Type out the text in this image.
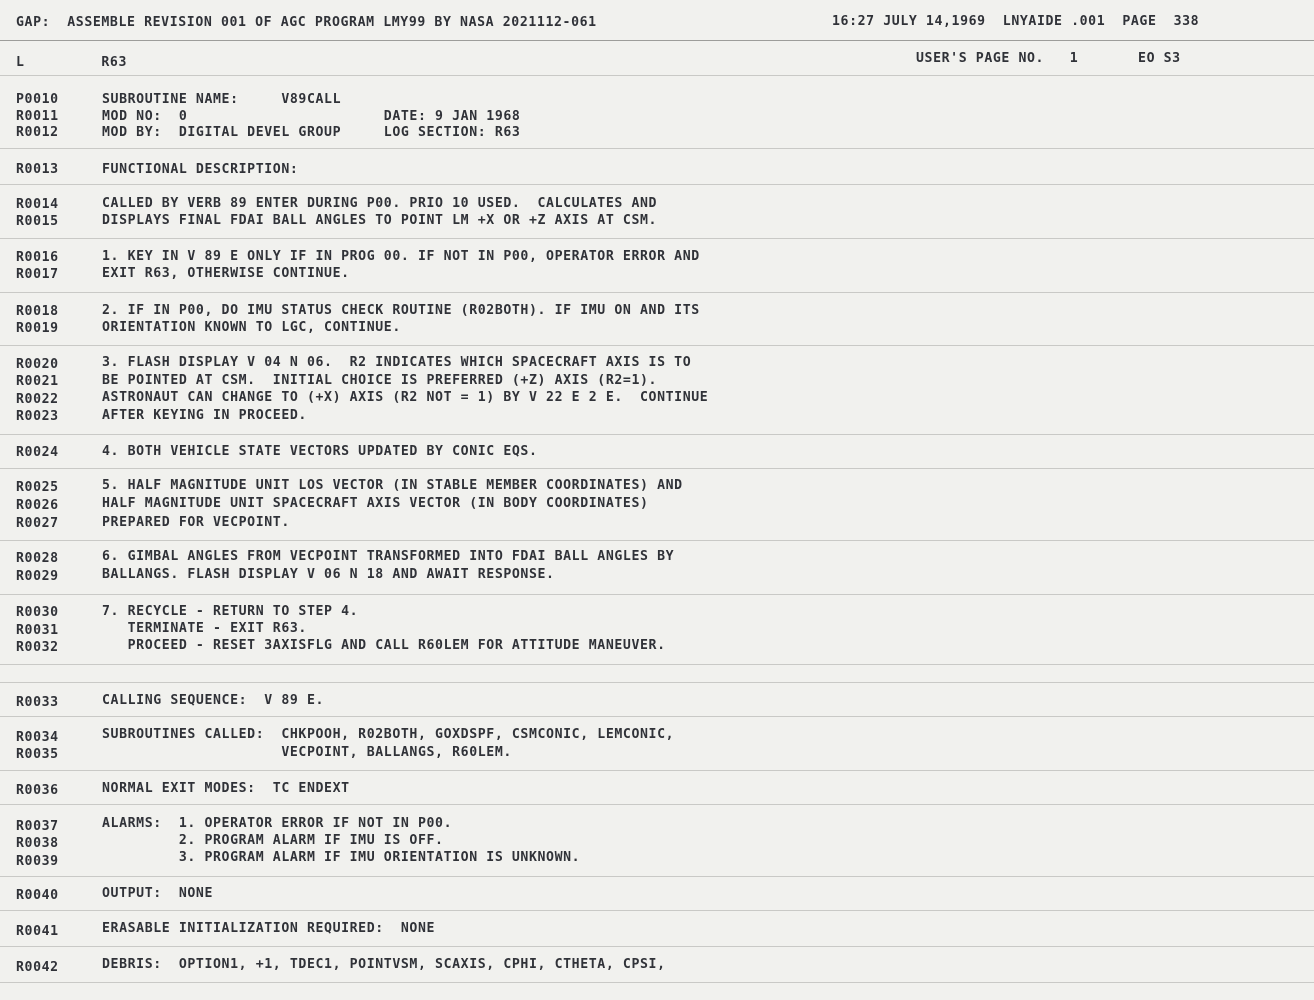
GAP:  ASSEMBLE REVISION 001 OF AGC PROGRAM LMY99 BY NASA 2021112-061	16:27 JULY 14,1969  LNYAIDE .001  PAGE  338
L         R63	USER'S PAGE NO.   1       EO S3
P0010	SUBROUTINE NAME:     V89CALL
R0011	MOD NO:  0                       DATE: 9 JAN 1968
R0012	MOD BY:  DIGITAL DEVEL GROUP     LOG SECTION: R63
R0013	FUNCTIONAL DESCRIPTION:
R0014	CALLED BY VERB 89 ENTER DURING P00. PRIO 10 USED.  CALCULATES AND
R0015	DISPLAYS FINAL FDAI BALL ANGLES TO POINT LM +X OR +Z AXIS AT CSM.
R0016	1. KEY IN V 89 E ONLY IF IN PROG 00. IF NOT IN P00, OPERATOR ERROR AND
R0017	EXIT R63, OTHERWISE CONTINUE.
R0018	2. IF IN P00, DO IMU STATUS CHECK ROUTINE (R02BOTH). IF IMU ON AND ITS
R0019	ORIENTATION KNOWN TO LGC, CONTINUE.
R0020	3. FLASH DISPLAY V 04 N 06.  R2 INDICATES WHICH SPACECRAFT AXIS IS TO
R0021	BE POINTED AT CSM.  INITIAL CHOICE IS PREFERRED (+Z) AXIS (R2=1).
R0022	ASTRONAUT CAN CHANGE TO (+X) AXIS (R2 NOT = 1) BY V 22 E 2 E.  CONTINUE
R0023	AFTER KEYING IN PROCEED.
R0024	4. BOTH VEHICLE STATE VECTORS UPDATED BY CONIC EQS.
R0025	5. HALF MAGNITUDE UNIT LOS VECTOR (IN STABLE MEMBER COORDINATES) AND
R0026	HALF MAGNITUDE UNIT SPACECRAFT AXIS VECTOR (IN BODY COORDINATES)
R0027	PREPARED FOR VECPOINT.
R0028	6. GIMBAL ANGLES FROM VECPOINT TRANSFORMED INTO FDAI BALL ANGLES BY
R0029	BALLANGS. FLASH DISPLAY V 06 N 18 AND AWAIT RESPONSE.
R0030	7. RECYCLE - RETURN TO STEP 4.
R0031	TERMINATE - EXIT R63.
R0032	PROCEED - RESET 3AXISFLG AND CALL R60LEM FOR ATTITUDE MANEUVER.
R0033	CALLING SEQUENCE:  V 89 E.
R0034	SUBROUTINES CALLED:  CHKPOOH, R02BOTH, GOXDSPF, CSMCONIC, LEMCONIC,
R0035	VECPOINT, BALLANGS, R60LEM.
R0036	NORMAL EXIT MODES:  TC ENDEXT
R0037	ALARMS:  1. OPERATOR ERROR IF NOT IN P00.
R0038	2. PROGRAM ALARM IF IMU IS OFF.
R0039	3. PROGRAM ALARM IF IMU ORIENTATION IS UNKNOWN.
R0040	OUTPUT:  NONE
R0041	ERASABLE INITIALIZATION REQUIRED:  NONE
R0042	DEBRIS:  OPTION1, +1, TDEC1, POINTVSM, SCAXIS, CPHI, CTHETA, CPSI,
